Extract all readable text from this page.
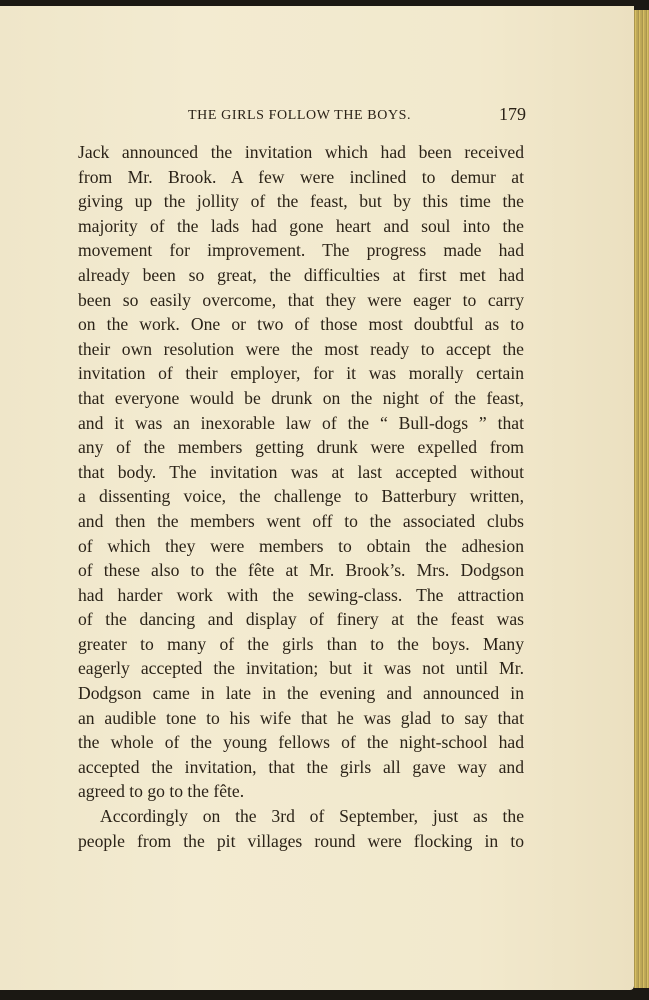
THE GIRLS FOLLOW THE BOYS.	179
Jack announced the invitation which had been received
from Mr. Brook. A few were inclined to demur at
giving up the jollity of the feast, but by this time the
majority of the lads had gone heart and soul into the
movement for improvement. The progress made had
already been so great, the difficulties at first met had
been so easily overcome, that they were eager to carry
on the work. One or two of those most doubtful as to
their own resolution were the most ready to accept the
invitation of their employer, for it was morally certain
that everyone would be drunk on the night of the feast,
and it was an inexorable law of the “ Bull-dogs ” that
any of the members getting drunk were expelled from
that body. The invitation was at last accepted without
a dissenting voice, the challenge to Batterbury written,
and then the members went off to the associated clubs
of which they were members to obtain the adhesion
of these also to the fête at Mr. Brook’s. Mrs. Dodgson
had harder work with the sewing-class. The attraction
of the dancing and display of finery at the feast was
greater to many of the girls than to the boys. Many
eagerly accepted the invitation; but it was not until Mr.
Dodgson came in late in the evening and announced in
an audible tone to his wife that he was glad to say that
the whole of the young fellows of the night-school had
accepted the invitation, that the girls all gave way and
agreed to go to the fête.
Accordingly on the 3rd of September, just as the
people from the pit villages round were flocking in to
